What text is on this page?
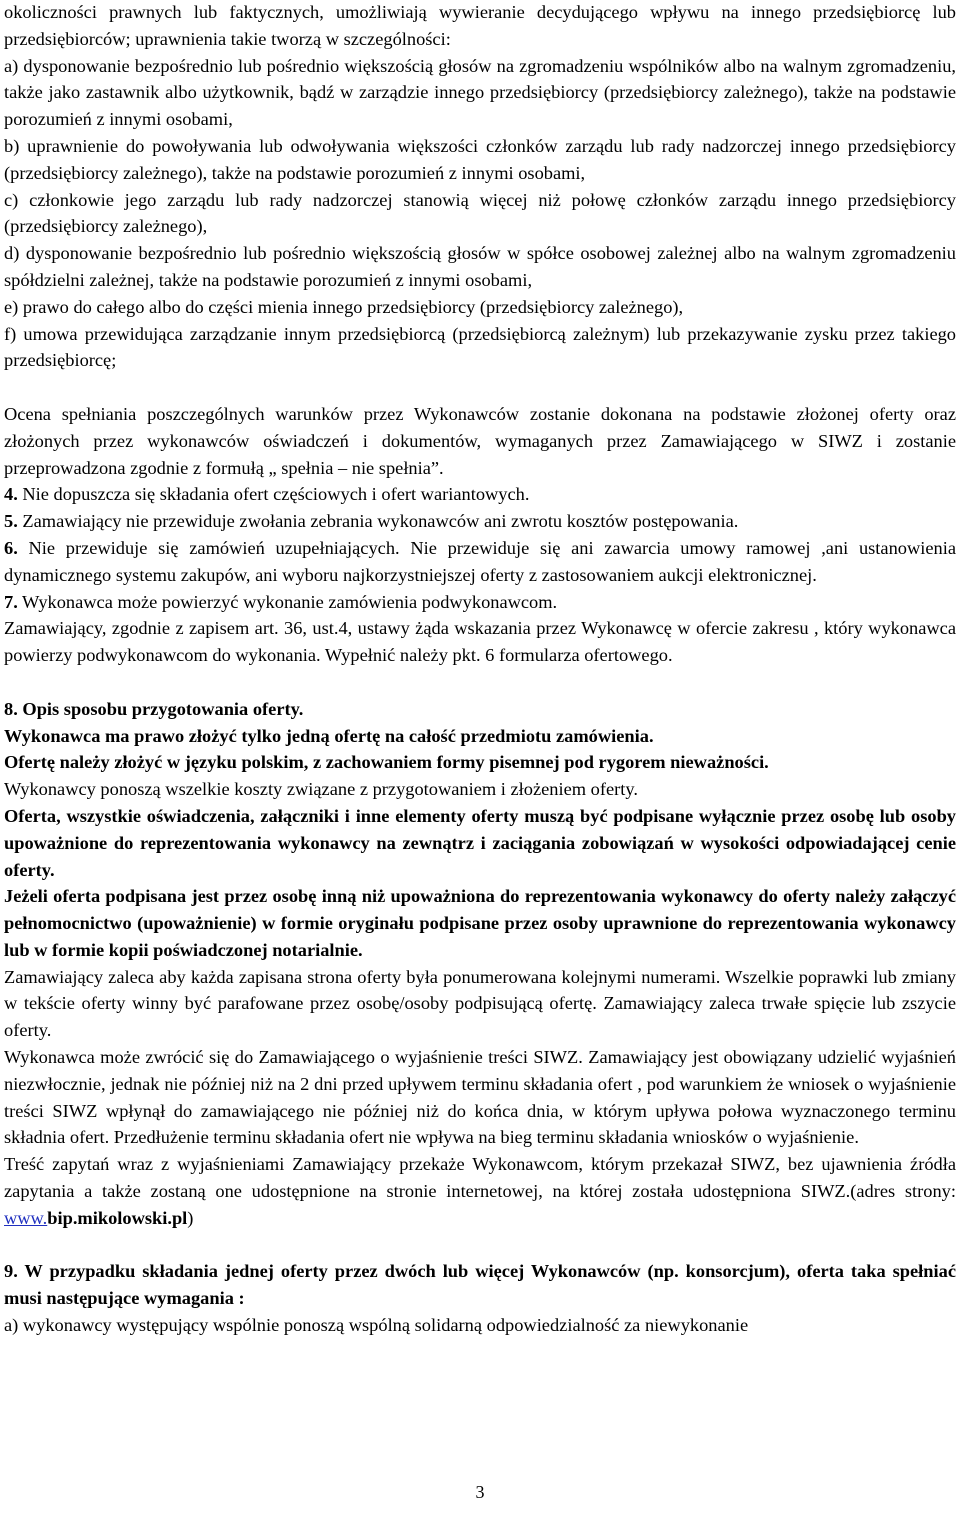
okoliczności prawnych lub faktycznych, umożliwiają wywieranie decydującego wpływu na innego przedsiębiorcę lub przedsiębiorców; uprawnienia takie tworzą w szczególności:

a) dysponowanie bezpośrednio lub pośrednio większością głosów na zgromadzeniu wspólników albo na walnym zgromadzeniu, także jako zastawnik albo użytkownik, bądź w zarządzie innego przedsiębiorcy (przedsiębiorcy zależnego), także na podstawie porozumień z innymi osobami,

b) uprawnienie do powoływania lub odwoływania większości członków zarządu lub rady nadzorczej innego przedsiębiorcy (przedsiębiorcy zależnego), także na podstawie porozumień z innymi osobami,

c) członkowie jego zarządu lub rady nadzorczej stanowią więcej niż połowę członków zarządu innego przedsiębiorcy (przedsiębiorcy zależnego),

d) dysponowanie bezpośrednio lub pośrednio większością głosów w spółce osobowej zależnej albo na walnym zgromadzeniu spółdzielni zależnej, także na podstawie porozumień z innymi osobami,

e) prawo do całego albo do części mienia innego przedsiębiorcy (przedsiębiorcy zależnego),

f) umowa przewidująca zarządzanie innym przedsiębiorcą (przedsiębiorcą zależnym) lub przekazywanie zysku przez takiego przedsiębiorcę;

Ocena spełniania poszczególnych warunków przez Wykonawców zostanie dokonana na podstawie złożonej oferty oraz złożonych przez wykonawców oświadczeń i dokumentów, wymaganych przez Zamawiającego w SIWZ i zostanie przeprowadzona zgodnie z formułą „ spełnia – nie spełnia”.

4. Nie dopuszcza się składania ofert częściowych i ofert wariantowych.

5. Zamawiający nie przewiduje zwołania zebrania wykonawców ani zwrotu kosztów postępowania.

6. Nie przewiduje się zamówień uzupełniających. Nie przewiduje się ani zawarcia umowy ramowej ,ani ustanowienia dynamicznego systemu zakupów, ani wyboru najkorzystniejszej oferty z zastosowaniem aukcji elektronicznej.

7. Wykonawca może powierzyć wykonanie zamówienia podwykonawcom.

Zamawiający, zgodnie z zapisem art. 36, ust.4, ustawy żąda wskazania przez Wykonawcę w ofercie zakresu , który wykonawca powierzy podwykonawcom do wykonania. Wypełnić należy pkt. 6 formularza ofertowego.

8. Opis sposobu przygotowania oferty.

Wykonawca ma prawo złożyć tylko jedną ofertę na całość przedmiotu zamówienia.

Ofertę należy złożyć w języku polskim, z zachowaniem formy pisemnej pod rygorem nieważności.

Wykonawcy ponoszą wszelkie koszty związane z przygotowaniem i złożeniem oferty.

Oferta, wszystkie oświadczenia, załączniki i inne elementy oferty muszą być podpisane wyłącznie przez osobę lub osoby upoważnione do reprezentowania wykonawcy na zewnątrz i zaciągania zobowiązań w wysokości odpowiadającej cenie oferty.

Jeżeli oferta podpisana jest przez osobę inną niż upoważniona do reprezentowania wykonawcy do oferty należy załączyć pełnomocnictwo (upoważnienie) w formie oryginału podpisane przez osoby uprawnione do reprezentowania wykonawcy lub w formie kopii poświadczonej notarialnie.

Zamawiający zaleca aby każda zapisana strona oferty była ponumerowana kolejnymi numerami. Wszelkie poprawki lub zmiany w tekście oferty winny być parafowane przez osobę/osoby podpisującą ofertę. Zamawiający zaleca trwałe spięcie lub zszycie oferty.

Wykonawca może zwrócić się do Zamawiającego o wyjaśnienie treści SIWZ. Zamawiający jest obowiązany udzielić wyjaśnień niezwłocznie, jednak nie później niż na 2 dni przed upływem terminu składania ofert , pod warunkiem że wniosek o wyjaśnienie treści SIWZ wpłynął do zamawiającego nie później niż do końca dnia, w którym upływa połowa wyznaczonego terminu składnia ofert. Przedłużenie terminu składania ofert nie wpływa na bieg terminu składania wniosków o wyjaśnienie.

Treść zapytań wraz z wyjaśnieniami Zamawiający przekaże Wykonawcom, którym przekazał SIWZ, bez ujawnienia źródła zapytania a także zostaną one udostępnione na stronie internetowej, na której została udostępniona SIWZ.(adres strony: www.bip.mikolowski.pl)

9. W przypadku składania jednej oferty przez dwóch lub więcej Wykonawców (np. konsorcjum), oferta taka spełniać musi następujące wymagania :

a) wykonawcy występujący wspólnie ponoszą wspólną solidarną odpowiedzialność za niewykonanie

3
